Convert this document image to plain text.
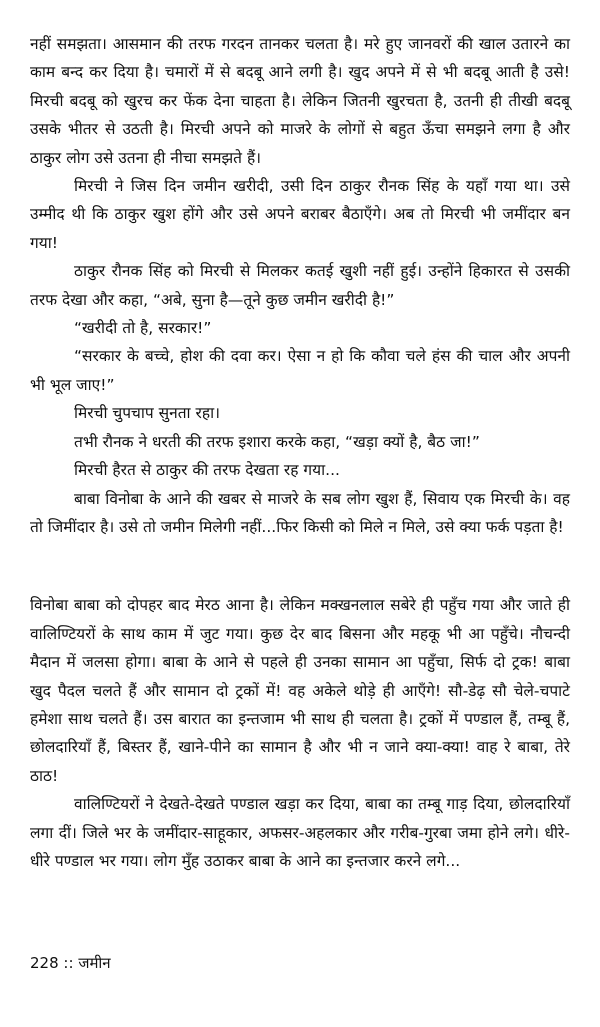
नहीं समझता। आसमान की तरफ गरदन तानकर चलता है। मरे हुए जानवरों की खाल उतारने का काम बन्द कर दिया है। चमारों में से बदबू आने लगी है। खुद अपने में से भी बदबू आती है उसे! मिरची बदबू को खुरच कर फेंक देना चाहता है। लेकिन जितनी खुरचता है, उतनी ही तीखी बदबू उसके भीतर से उठती है। मिरची अपने को माजरे के लोगों से बहुत ऊँचा समझने लगा है और ठाकुर लोग उसे उतना ही नीचा समझते हैं।

मिरची ने जिस दिन जमीन खरीदी, उसी दिन ठाकुर रौनक सिंह के यहाँ गया था। उसे उम्मीद थी कि ठाकुर खुश होंगे और उसे अपने बराबर बैठाएँगे। अब तो मिरची भी जमींदार बन गया!

ठाकुर रौनक सिंह को मिरची से मिलकर कतई खुशी नहीं हुई। उन्होंने हिकारत से उसकी तरफ देखा और कहा, “अबे, सुना है—तूने कुछ जमीन खरीदी है!”

“खरीदी तो है, सरकार!”

“सरकार के बच्चे, होश की दवा कर। ऐसा न हो कि कौवा चले हंस की चाल और अपनी भी भूल जाए!”

मिरची चुपचाप सुनता रहा।

तभी रौनक ने धरती की तरफ इशारा करके कहा, “खड़ा क्यों है, बैठ जा!”

मिरची हैरत से ठाकुर की तरफ देखता रह गया...

बाबा विनोबा के आने की खबर से माजरे के सब लोग खुश हैं, सिवाय एक मिरची के। वह तो जिमींदार है। उसे तो जमीन मिलेगी नहीं...फिर किसी को मिले न मिले, उसे क्या फर्क पड़ता है!

विनोबा बाबा को दोपहर बाद मेरठ आना है। लेकिन मक्खनलाल सबेरे ही पहुँच गया और जाते ही वालिण्टियरों के साथ काम में जुट गया। कुछ देर बाद बिसना और महकू भी आ पहुँचे। नौचन्दी मैदान में जलसा होगा। बाबा के आने से पहले ही उनका सामान आ पहुँचा, सिर्फ दो ट्रक! बाबा खुद पैदल चलते हैं और सामान दो ट्रकों में! वह अकेले थोड़े ही आएँगे! सौ-डेढ़ सौ चेले-चपाटे हमेशा साथ चलते हैं। उस बारात का इन्तजाम भी साथ ही चलता है। ट्रकों में पण्डाल हैं, तम्बू हैं, छोलदारियाँ हैं, बिस्तर हैं, खाने-पीने का सामान है और भी न जाने क्या-क्या! वाह रे बाबा, तेरे ठाठ!

वालिण्टियरों ने देखते-देखते पण्डाल खड़ा कर दिया, बाबा का तम्बू गाड़ दिया, छोलदारियाँ लगा दीं। जिले भर के जमींदार-साहूकार, अफसर-अहलकार और गरीब-गुरबा जमा होने लगे। धीरे-धीरे पण्डाल भर गया। लोग मुँह उठाकर बाबा के आने का इन्तजार करने लगे...

228 :: जमीन
